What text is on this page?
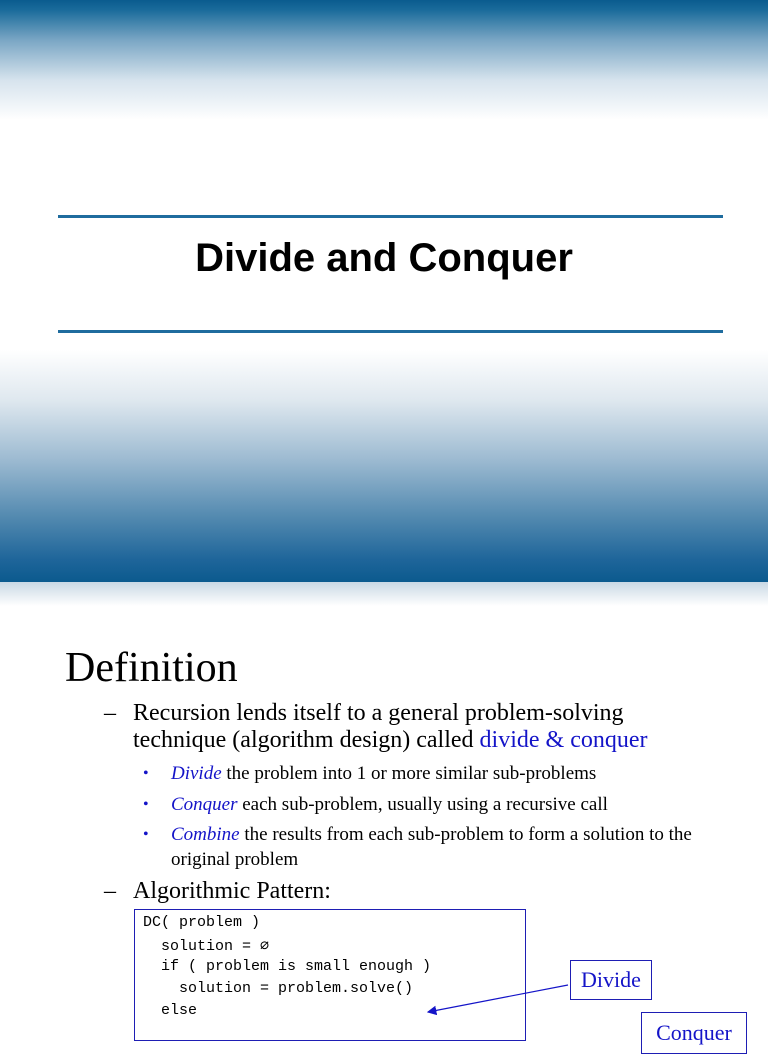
Divide and Conquer
Definition
– Recursion lends itself to a general problem-solving
technique (algorithm design) called divide & conquer
• Divide the problem into 1 or more similar sub-problems
• Conquer each sub-problem, usually using a recursive call
• Combine the results from each sub-problem to form a solution to the original problem
– Algorithmic Pattern:
DC( problem )
solution = ∅
if ( problem is small enough )
solution = problem.solve()
else
Divide
Conquer
